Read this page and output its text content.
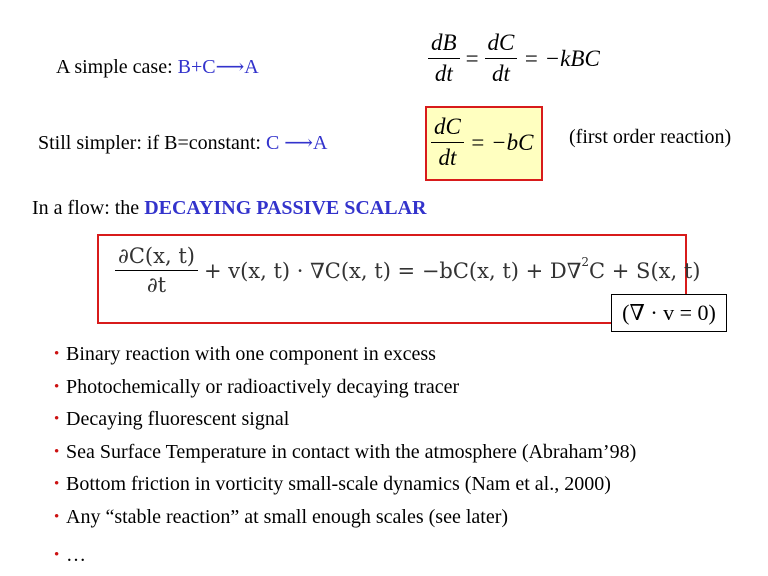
A simple case: B+C⟶A	$\frac{dB}{dt} = \frac{dC}{dt} = -kBC$
Still simpler: if B=constant: C ⟶A	$\frac{dC}{dt} = -bC$ (first order reaction)
In a flow: the DECAYING PASSIVE SCALAR
$\frac{\partial C(x, t)}{\partial t} + v(x$, t) · ∇C(x, t) = −bC(x, t) + D∇ 2 C + S(x, t)
(∇ · v = 0)
• Binary reaction with one component in excess
• Photochemically or radioactively decaying tracer
• Decaying fluorescent signal
• Sea Surface Temperature in contact with the atmosphere (Abraham’98)
• Bottom friction in vorticity small-scale dynamics (Nam et al., 2000)
• Any “stable reaction” at small enough scales (see later)
• …
